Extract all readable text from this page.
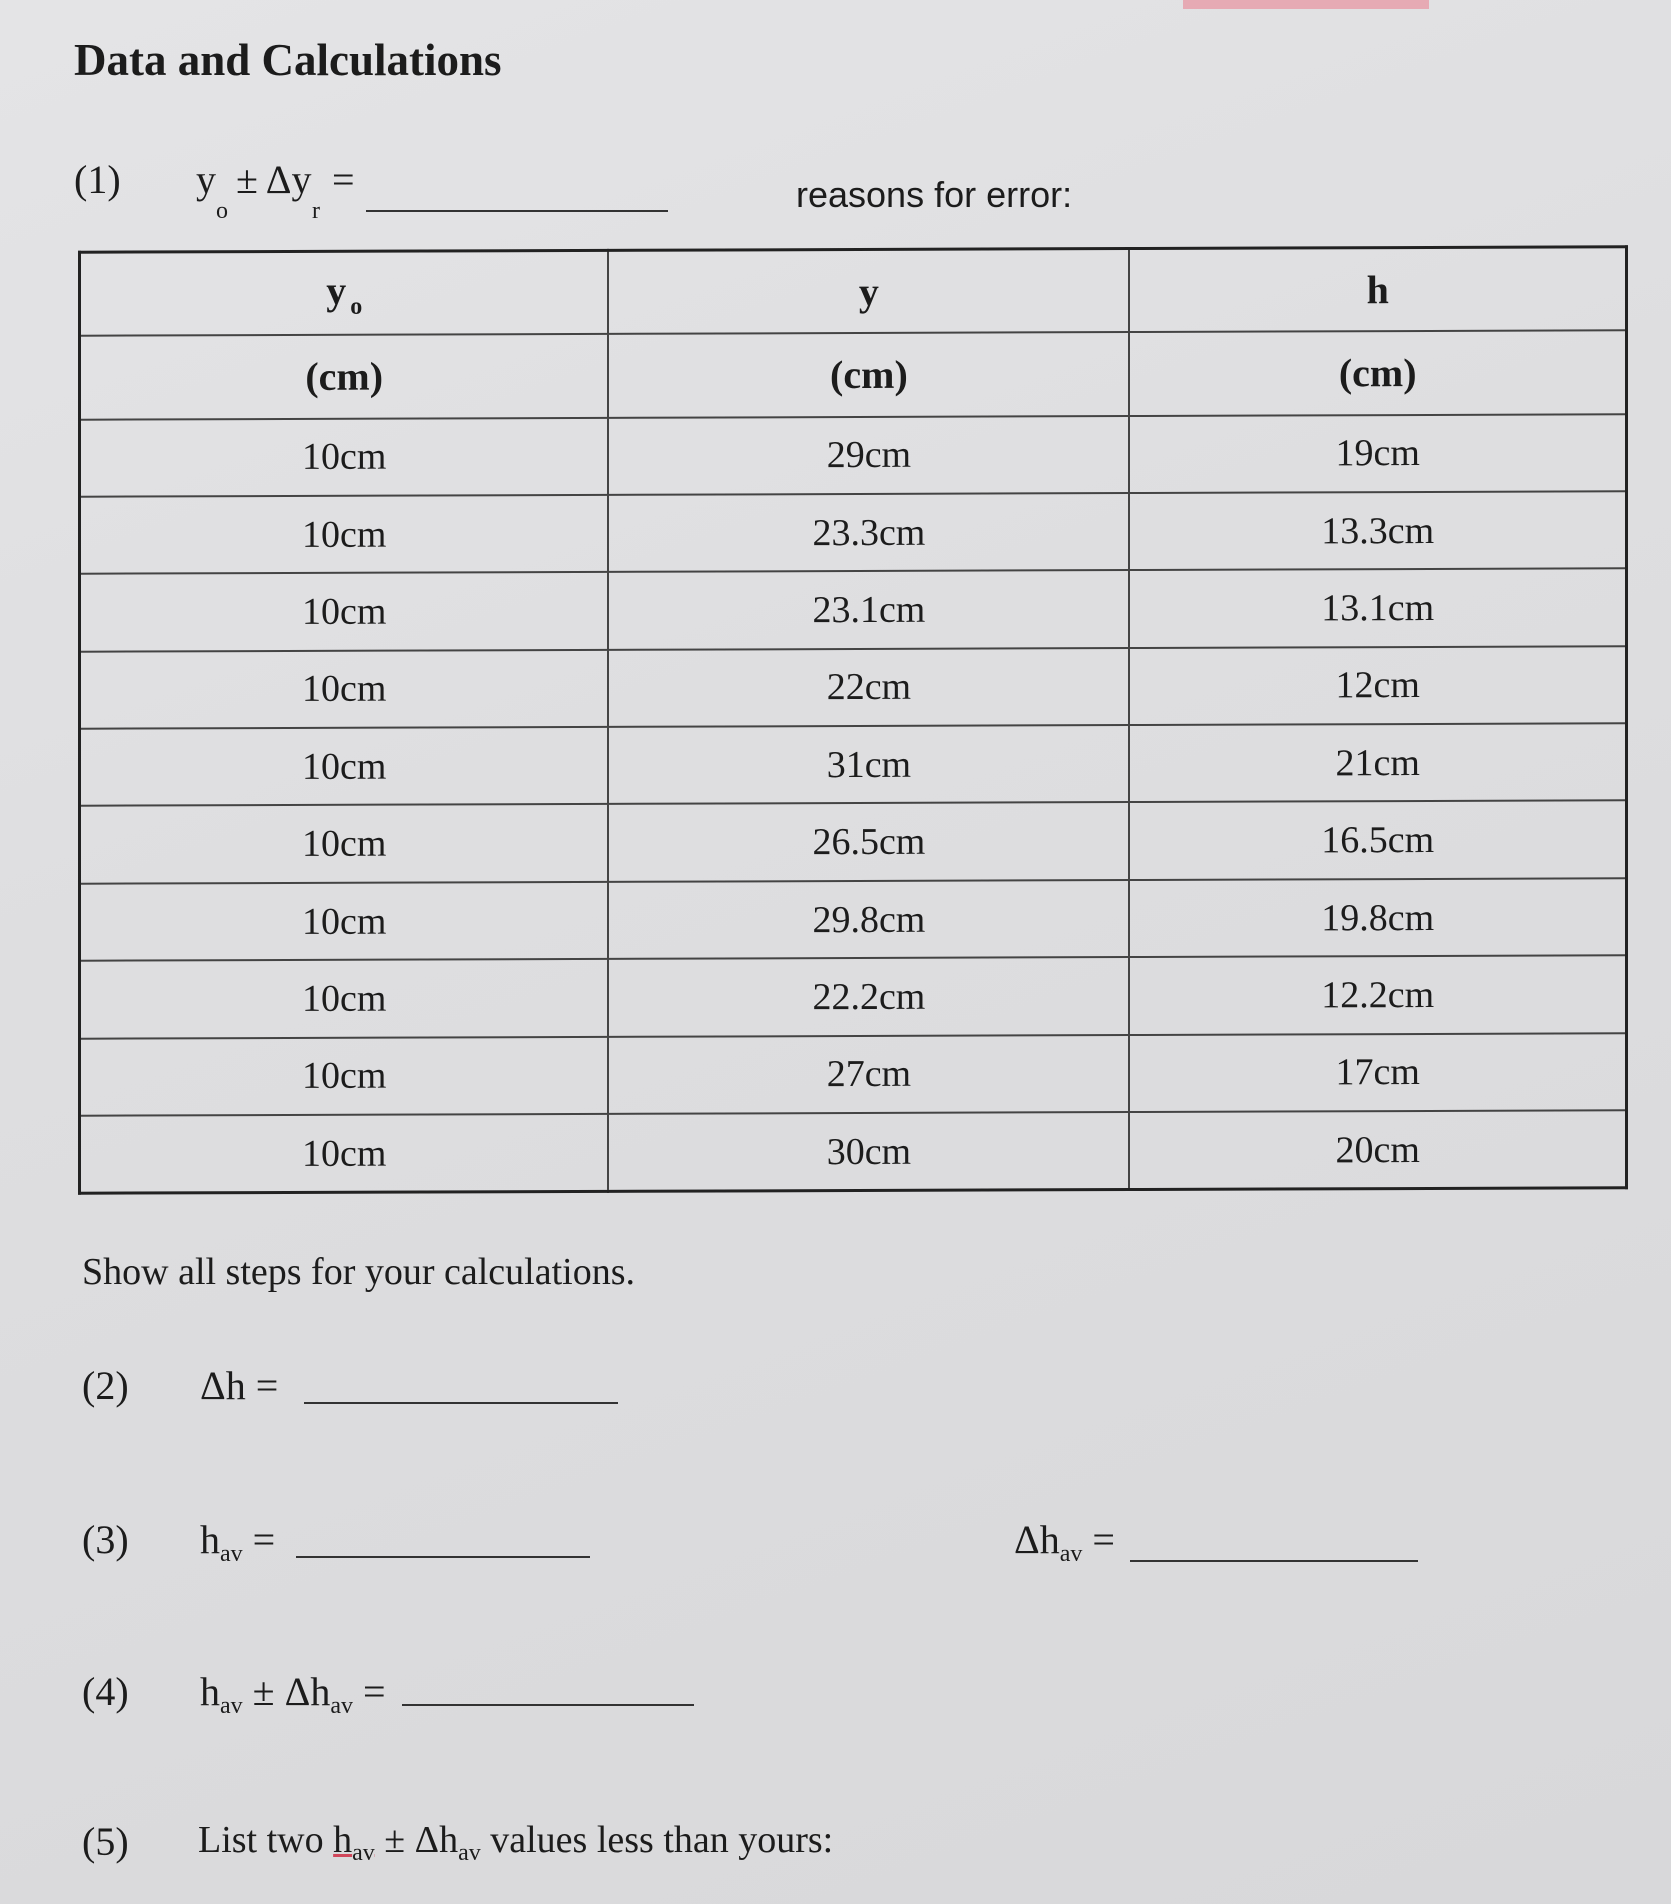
Data and Calculations
(1) y
o
± Δy
r
=	reasons for error:
y $_o$	y	h
(cm)	(cm)	(cm)
10cm	29cm	19cm
10cm	23.3cm	13.3cm
10cm	23.1cm	13.1cm
10cm	22cm	12cm
10cm	31cm	21cm
10cm	26.5cm	16.5cm
10cm	29.8cm	19.8cm
10cm	22.2cm	12.2cm
10cm	27cm	17cm
10cm	30cm	20cm
Show all steps for your calculations.
(2) Δh =
(3) $h_{av}$ =	$\Delta h_{av}$ =
(4) $h_{av} \pm \Delta h_{av}$ =
(5) List two $h_{av} \pm \Delta h_{av}$ values less than yours:
